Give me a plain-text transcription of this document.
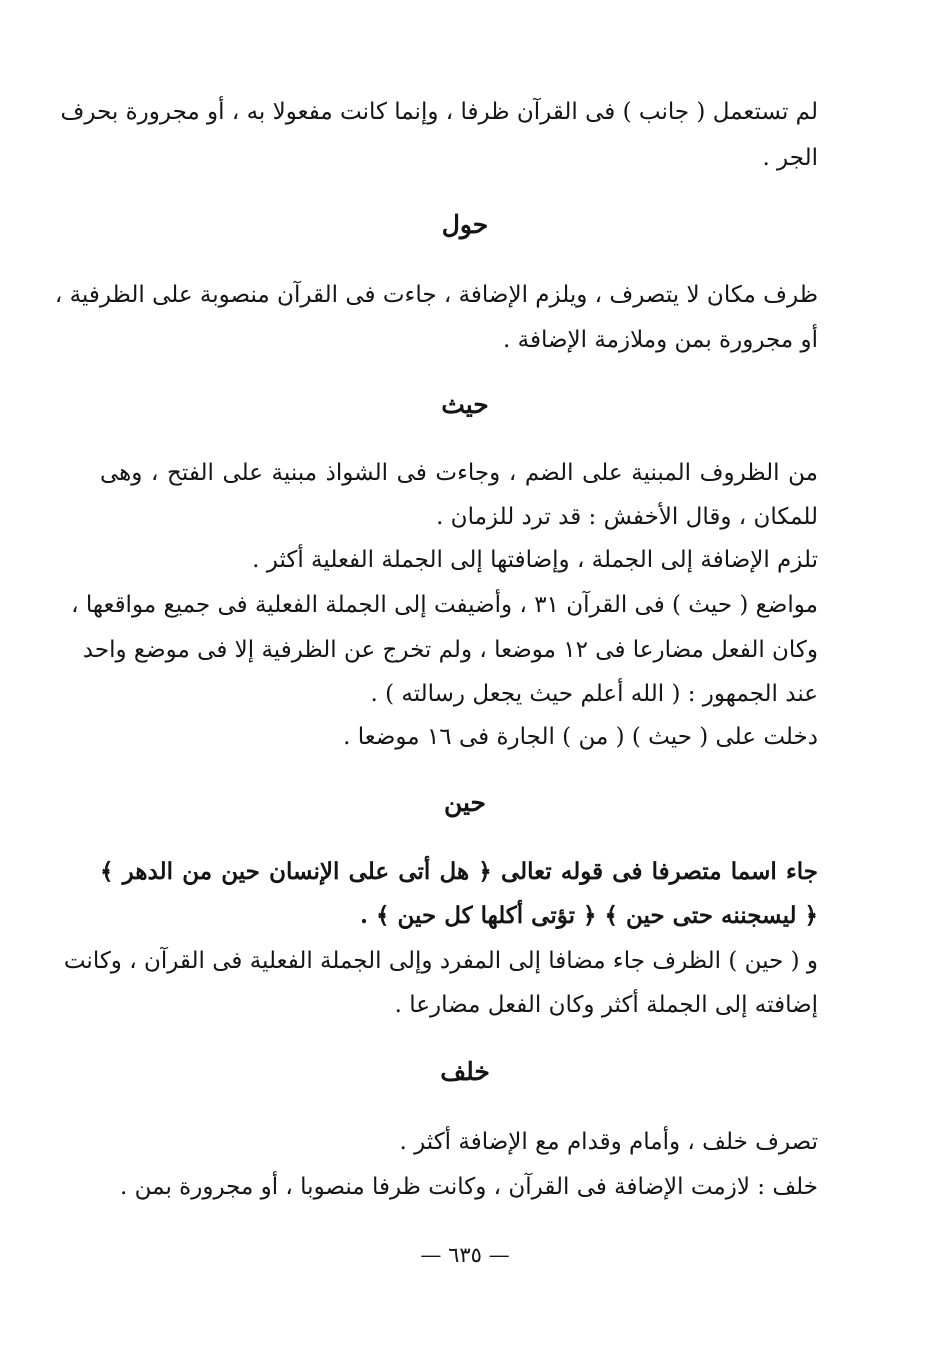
لم تستعمل ( جانب ) فى القرآن ظرفا ، وإنما كانت مفعولا به ، أو مجرورة بحرف
الجر .
حول
ظرف مكان لا يتصرف ، ويلزم الإضافة ، جاءت فى القرآن منصوبة على الظرفية ،
أو مجرورة بمن وملازمة الإضافة .
حيث
من الظروف المبنية على الضم ، وجاءت فى الشواذ مبنية على الفتح ، وهى
للمكان ، وقال الأخفش : قد ترد للزمان .
تلزم الإضافة إلى الجملة ، وإضافتها إلى الجملة الفعلية أكثر .
مواضع ( حيث ) فى القرآن ٣١ ، وأضيفت إلى الجملة الفعلية فى جميع مواقعها ،
وكان الفعل مضارعا فى ١٢ موضعا ، ولم تخرج عن الظرفية إلا فى موضع واحد
عند الجمهور : ( الله أعلم حيث يجعل رسالته ) .
دخلت على ( حيث ) ( من ) الجارة فى ١٦ موضعا .
حين
جاء اسما متصرفا فى قوله تعالى ﴿ هل أتى على الإنسان حين من الدهر ﴾
﴿ ليسجننه حتى حين ﴾ ﴿ تؤتى أكلها كل حين ﴾ .
و ( حين ) الظرف جاء مضافا إلى المفرد وإلى الجملة الفعلية فى القرآن ، وكانت
إضافته إلى الجملة أكثر وكان الفعل مضارعا .
خلف
تصرف خلف ، وأمام وقدام مع الإضافة أكثر .
خلف : لازمت الإضافة فى القرآن ، وكانت ظرفا منصوبا ، أو مجرورة بمن .
— ٦٣٥ —
